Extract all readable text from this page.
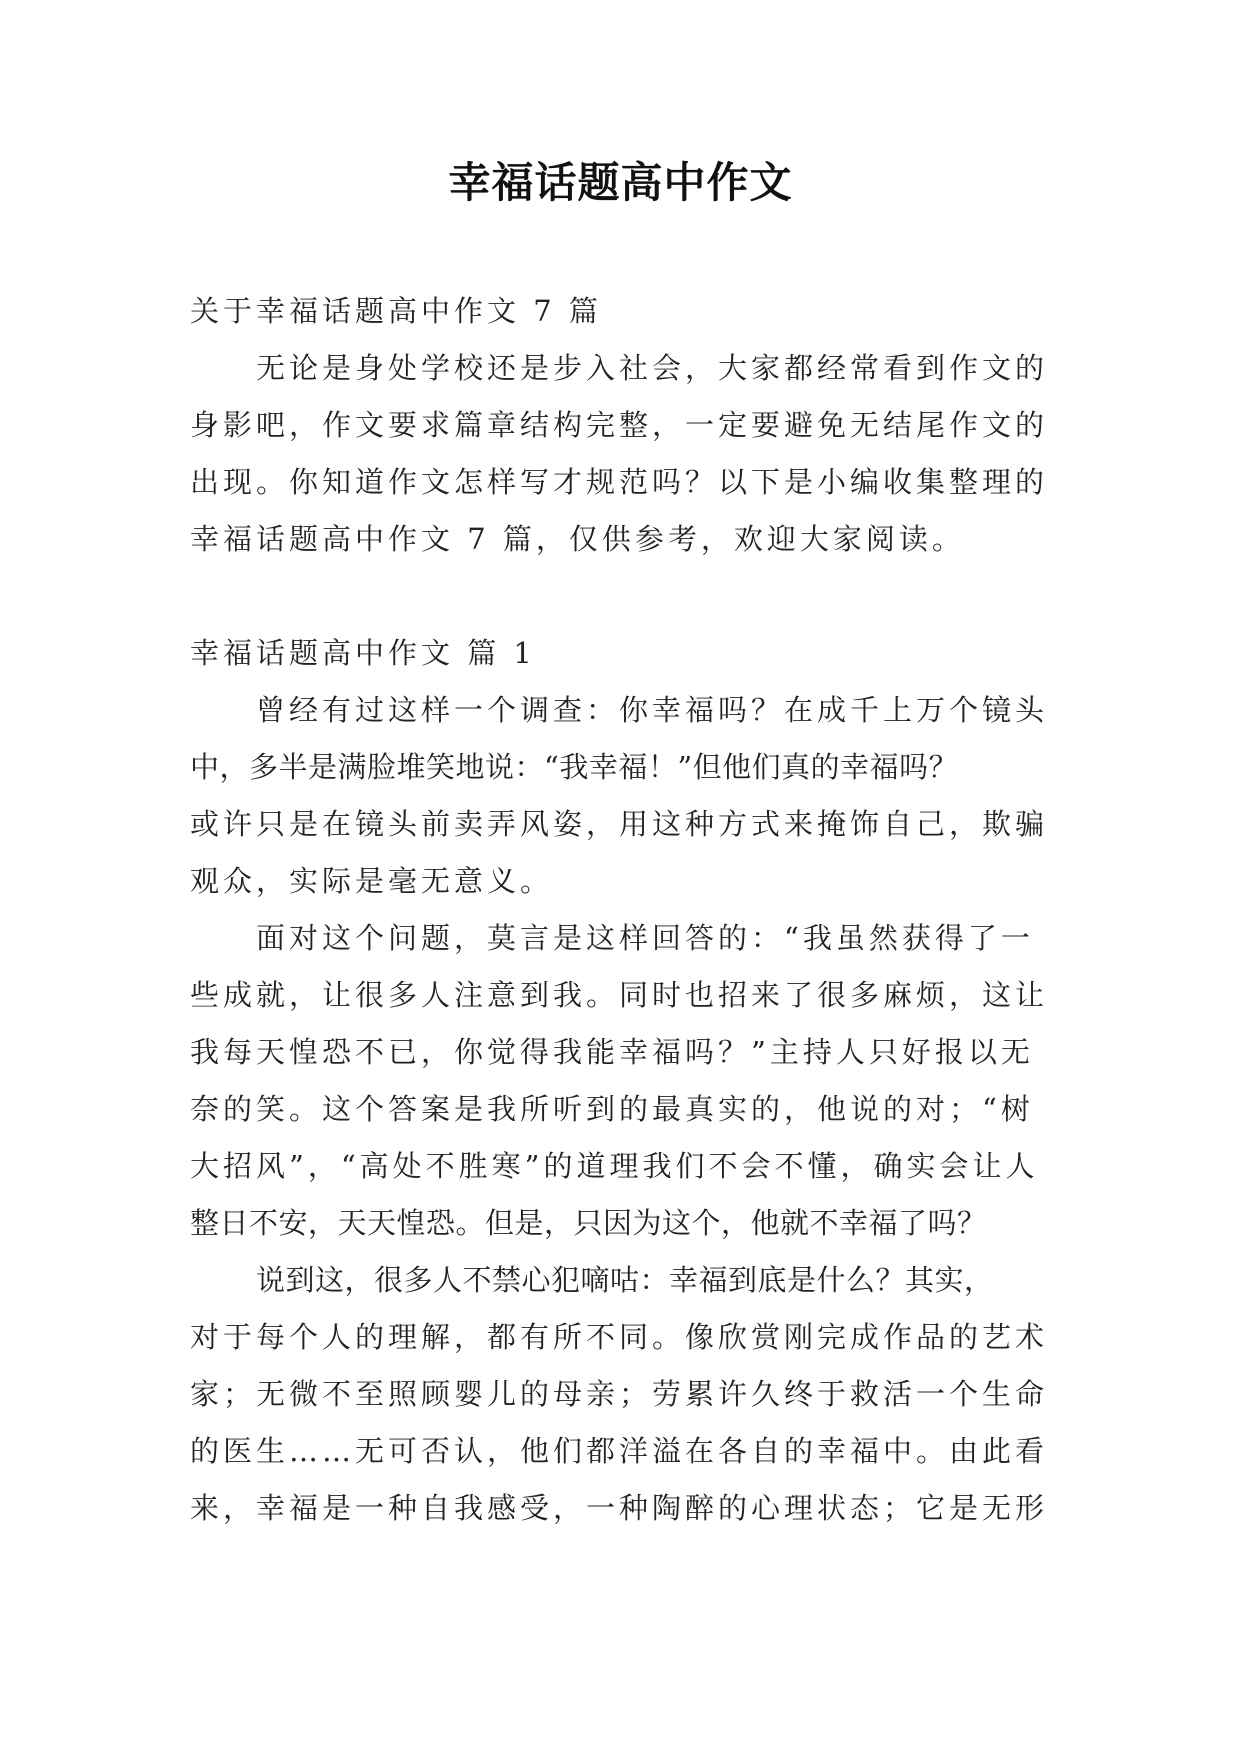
幸福话题高中作文

关于幸福话题高中作文 7 篇

无论是身处学校还是步入社会，大家都经常看到作文的

身影吧，作文要求篇章结构完整，一定要避免无结尾作文的

出现。你知道作文怎样写才规范吗？以下是小编收集整理的

幸福话题高中作文 7 篇，仅供参考，欢迎大家阅读。

幸福话题高中作文 篇 1

曾经有过这样一个调查：你幸福吗？在成千上万个镜头

中，多半是满脸堆笑地说：“我幸福！”但他们真的幸福吗？

或许只是在镜头前卖弄风姿，用这种方式来掩饰自己，欺骗

观众，实际是毫无意义。

面对这个问题，莫言是这样回答的：“我虽然获得了一

些成就，让很多人注意到我。同时也招来了很多麻烦，这让

我每天惶恐不已，你觉得我能幸福吗？”主持人只好报以无

奈的笑。这个答案是我所听到的最真实的，他说的对；“树

大招风”，“高处不胜寒”的道理我们不会不懂，确实会让人

整日不安，天天惶恐。但是，只因为这个，他就不幸福了吗？

说到这，很多人不禁心犯嘀咕：幸福到底是什么？其实，

对于每个人的理解，都有所不同。像欣赏刚完成作品的艺术

家；无微不至照顾婴儿的母亲；劳累许久终于救活一个生命

的医生……无可否认，他们都洋溢在各自的幸福中。由此看

来，幸福是一种自我感受，一种陶醉的心理状态；它是无形
